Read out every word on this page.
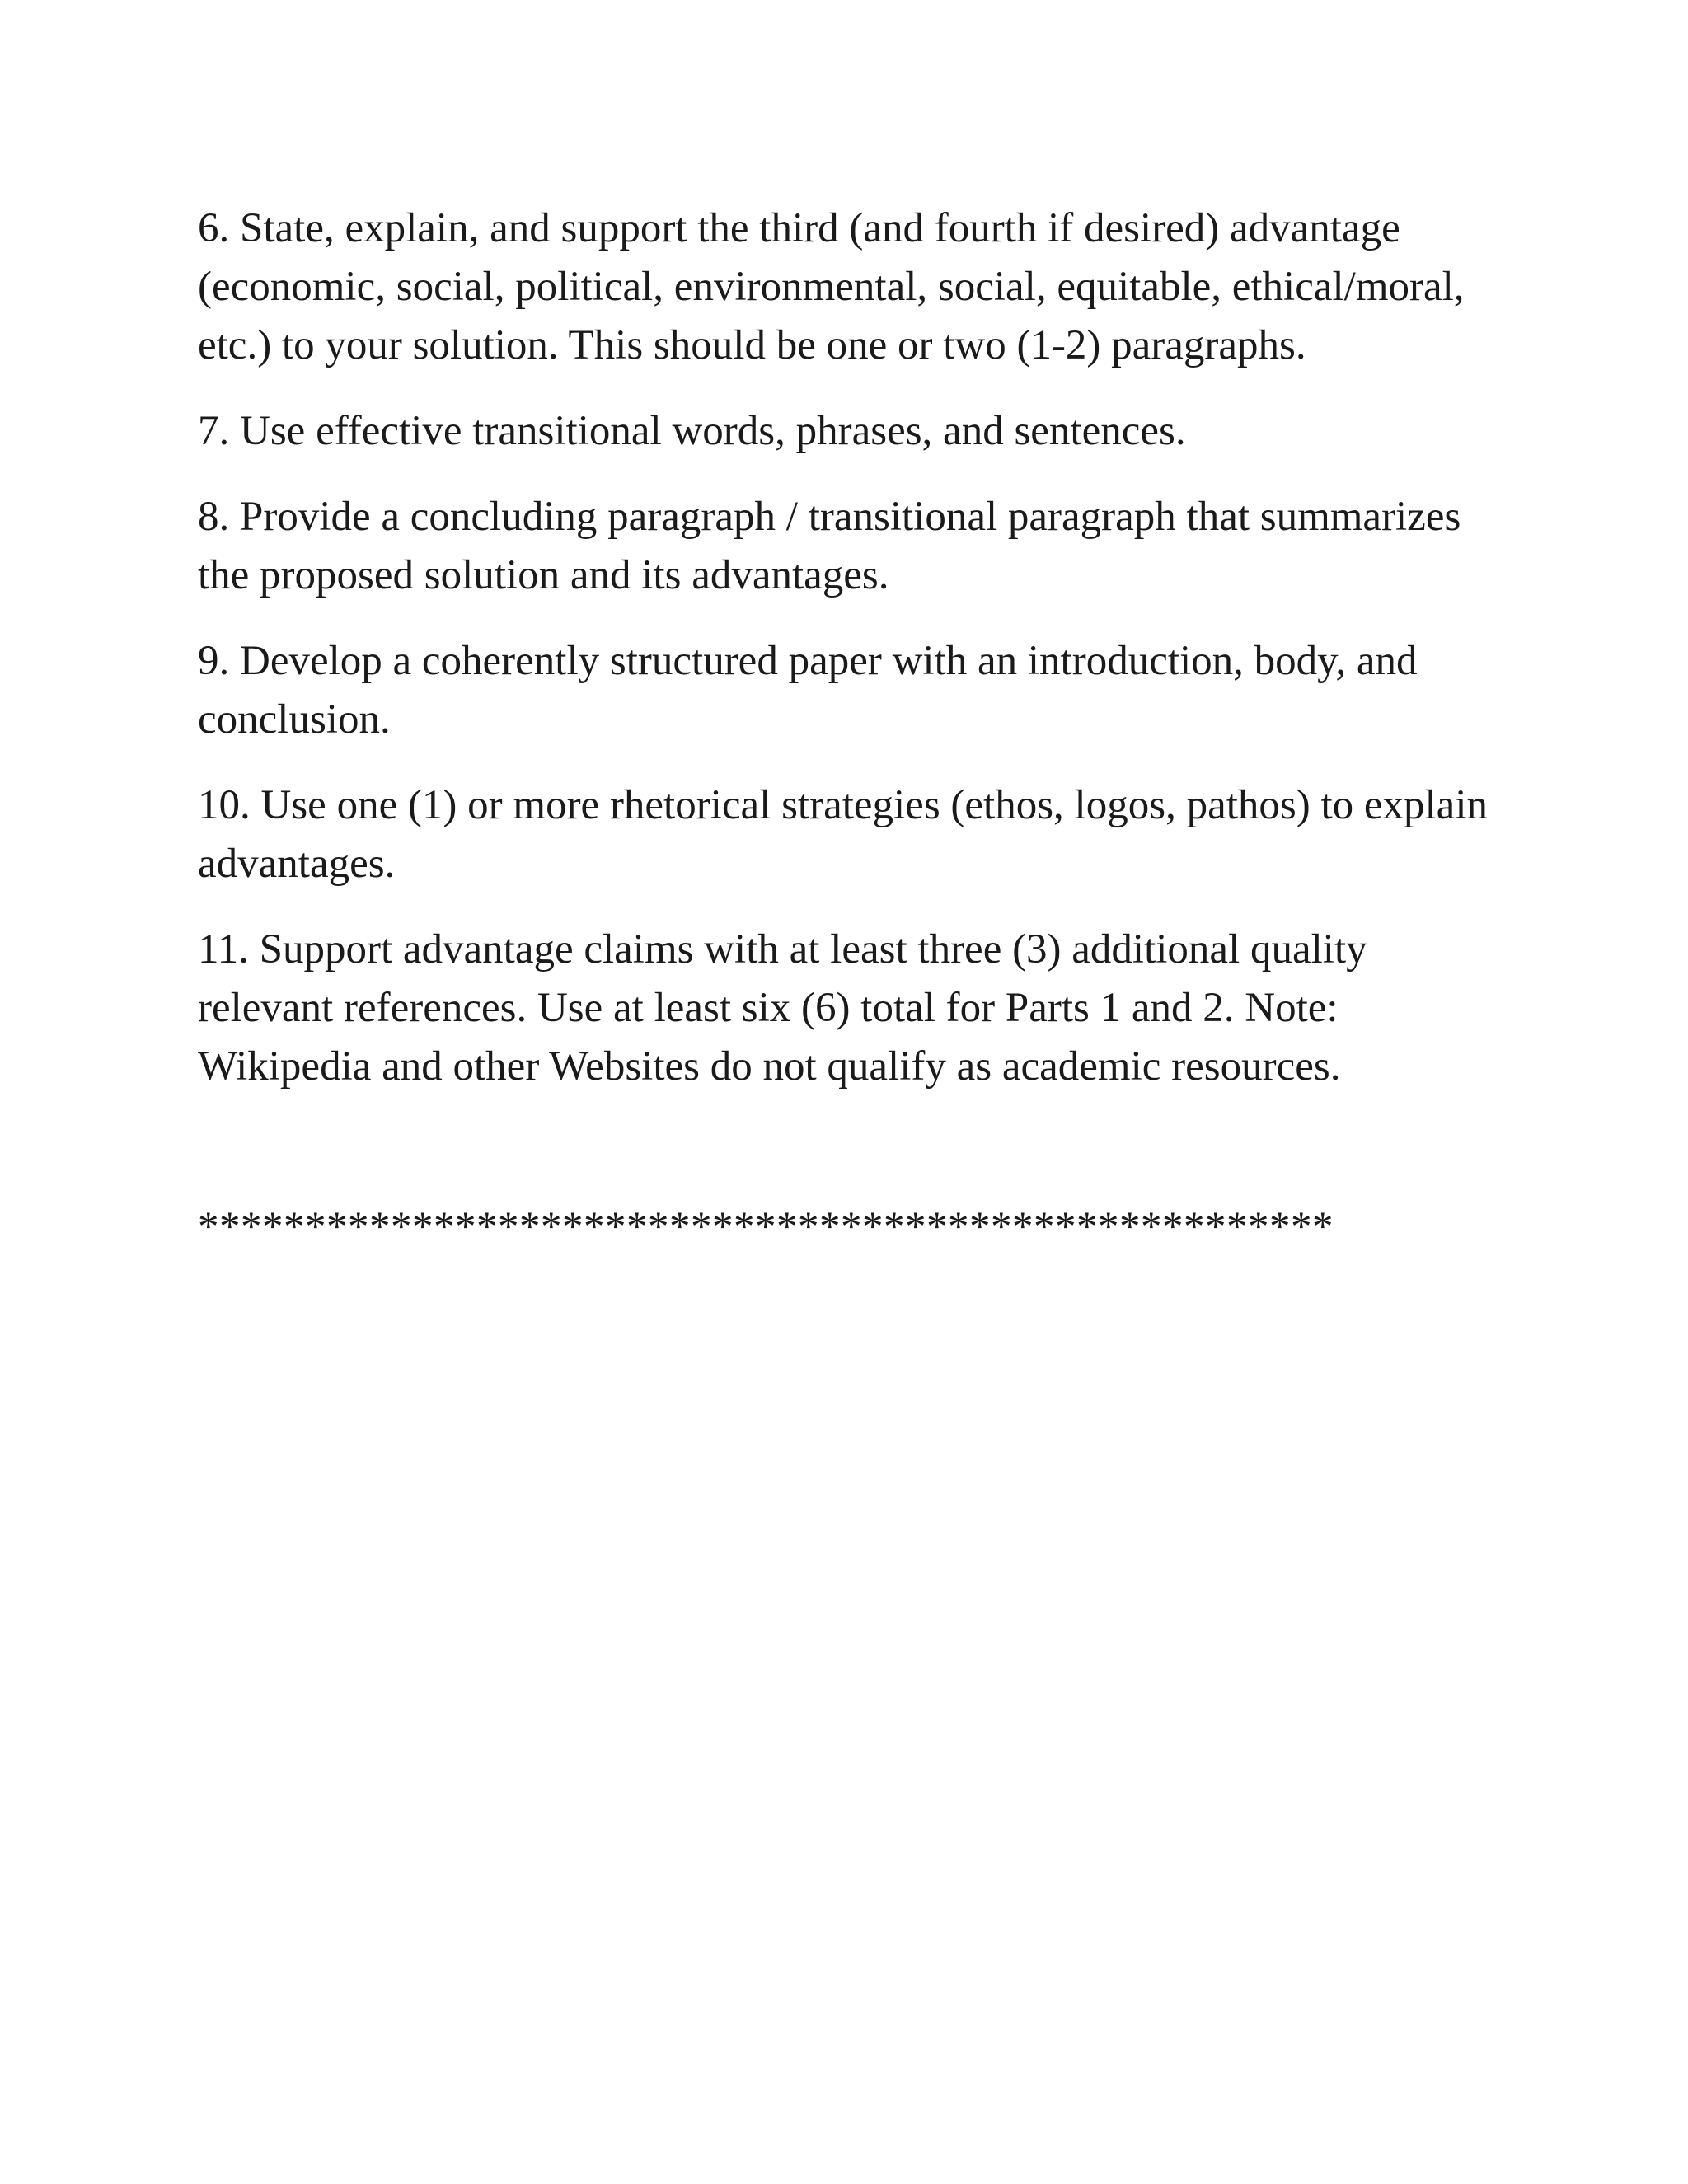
6. State, explain, and support the third (and fourth if desired) advantage (economic, social, political, environmental, social, equitable, ethical/moral, etc.) to your solution. This should be one or two (1-2) paragraphs.

7. Use effective transitional words, phrases, and sentences.

8. Provide a concluding paragraph / transitional paragraph that summarizes the proposed solution and its advantages.

9. Develop a coherently structured paper with an introduction, body, and conclusion.

10. Use one (1) or more rhetorical strategies (ethos, logos, pathos) to explain advantages.

11. Support advantage claims with at least three (3) additional quality relevant references. Use at least six (6) total for Parts 1 and 2. Note: Wikipedia and other Websites do not qualify as academic resources.

*****************************************************
